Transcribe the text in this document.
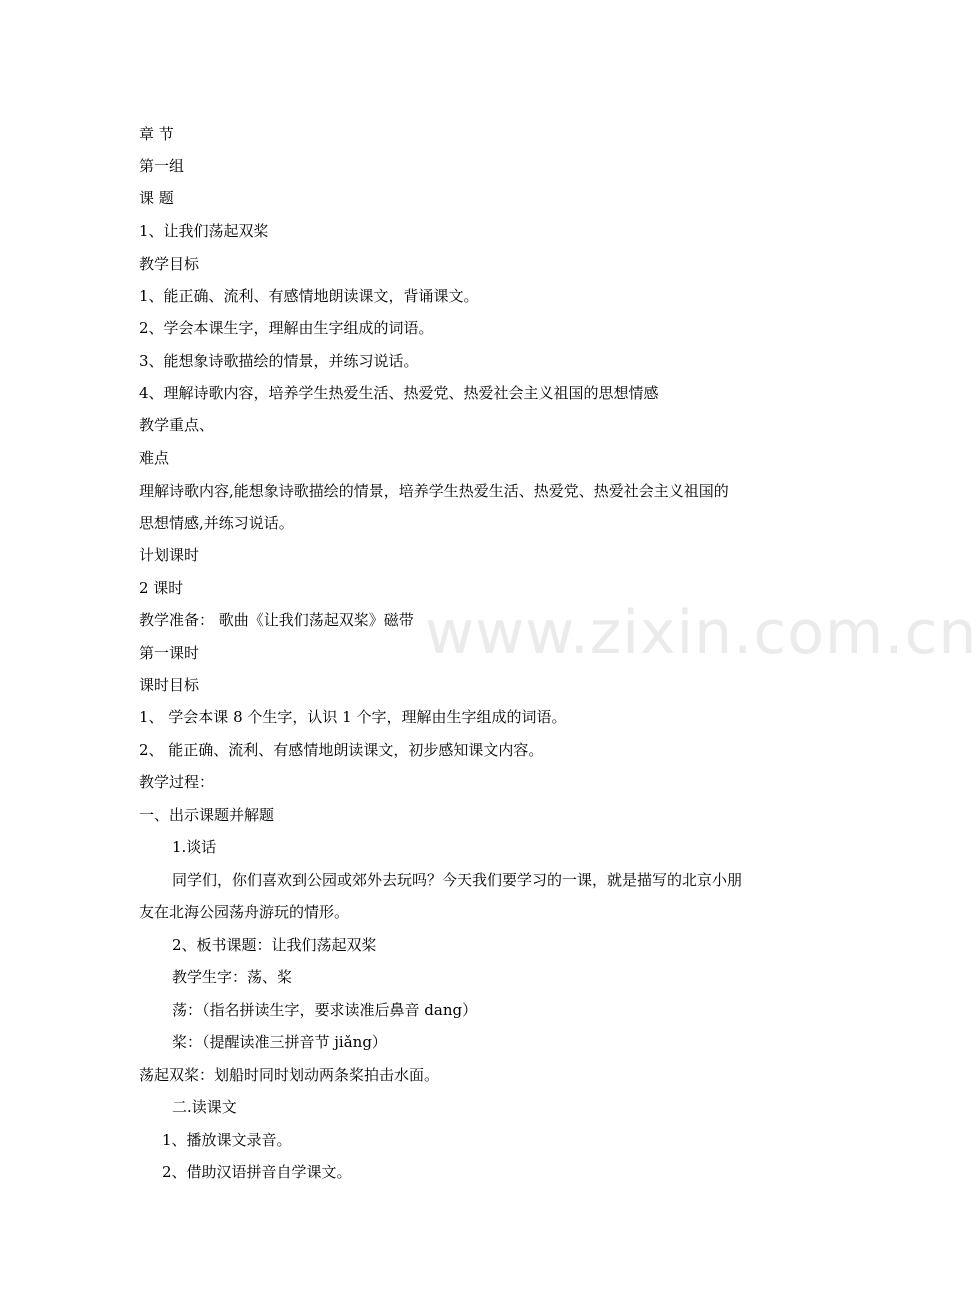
www.zixin.com.cn
章 节
第一组
课 题
1、让我们荡起双桨
教学目标
1、能正确、流利、有感情地朗读课文，背诵课文。
2、学会本课生字，理解由生字组成的词语。
3、能想象诗歌描绘的情景，并练习说话。
4、理解诗歌内容，培养学生热爱生活、热爱党、热爱社会主义祖国的思想情感
教学重点、
难点
理解诗歌内容,能想象诗歌描绘的情景，培养学生热爱生活、热爱党、热爱社会主义祖国的
思想情感,并练习说话。
计划课时
2 课时
教学准备： 歌曲《让我们荡起双桨》磁带
第一课时
课时目标
1、 学会本课 8 个生字，认识 1 个字，理解由生字组成的词语。
2、 能正确、流利、有感情地朗读课文，初步感知课文内容。
教学过程：
一、出示课题并解题
1.谈话
同学们，你们喜欢到公园或郊外去玩吗？今天我们要学习的一课，就是描写的北京小朋
友在北海公园荡舟游玩的情形。
2、板书课题：让我们荡起双桨
教学生字：荡、桨
荡：（指名拼读生字，要求读准后鼻音 dang）
桨：（提醒读准三拼音节 jiǎng）
荡起双桨：划船时同时划动两条桨拍击水面。
二.读课文
1、播放课文录音。
2、借助汉语拼音自学课文。
